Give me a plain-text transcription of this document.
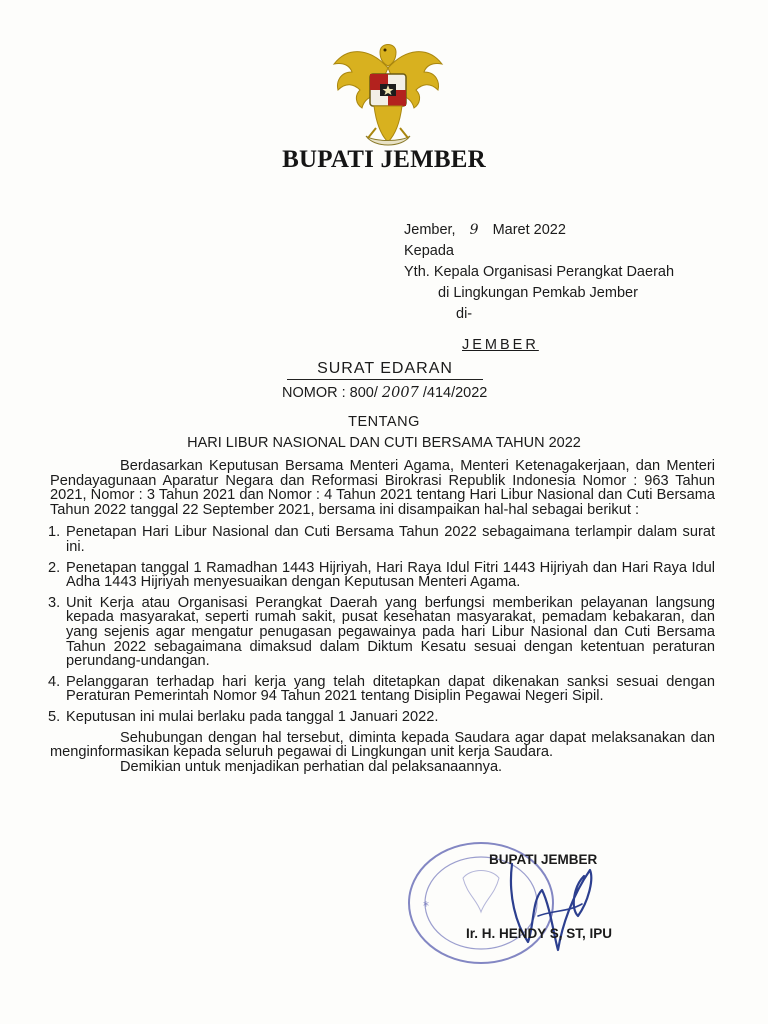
BUPATI JEMBER
Jember, 9 Maret 2022
Kepada
Yth. Kepala Organisasi Perangkat Daerah
di Lingkungan Pemkab Jember
di-
JEMBER
SURAT EDARAN
NOMOR : 800/ 2007 /414/2022
TENTANG
HARI LIBUR NASIONAL DAN CUTI BERSAMA TAHUN 2022

Berdasarkan Keputusan Bersama Menteri Agama, Menteri Ketenagakerjaan, dan Menteri Pendayagunaan Aparatur Negara dan Reformasi Birokrasi Republik Indonesia Nomor : 963 Tahun 2021, Nomor : 3 Tahun 2021 dan Nomor : 4 Tahun 2021 tentang Hari Libur Nasional dan Cuti Bersama Tahun 2022 tanggal 22 September 2021, bersama ini disampaikan hal-hal sebagai berikut :

1. Penetapan Hari Libur Nasional dan Cuti Bersama Tahun 2022 sebagaimana terlampir dalam surat ini.
2. Penetapan tanggal 1 Ramadhan 1443 Hijriyah, Hari Raya Idul Fitri 1443 Hijriyah dan Hari Raya Idul Adha 1443 Hijriyah menyesuaikan dengan Keputusan Menteri Agama.
3. Unit Kerja atau Organisasi Perangkat Daerah yang berfungsi memberikan pelayanan langsung kepada masyarakat, seperti rumah sakit, pusat kesehatan masyarakat, pemadam kebakaran, dan yang sejenis agar mengatur penugasan pegawainya pada hari Libur Nasional dan Cuti Bersama Tahun 2022 sebagaimana dimaksud dalam Diktum Kesatu sesuai dengan ketentuan peraturan perundang-undangan.
4. Pelanggaran terhadap hari kerja yang telah ditetapkan dapat dikenakan sanksi sesuai dengan Peraturan Pemerintah Nomor 94 Tahun 2021 tentang Disiplin Pegawai Negeri Sipil.
5. Keputusan ini mulai berlaku pada tanggal 1 Januari 2022.

Sehubungan dengan hal tersebut, diminta kepada Saudara agar dapat melaksanakan dan menginformasikan kepada seluruh pegawai di Lingkungan unit kerja Saudara.

Demikian untuk menjadikan perhatian dal pelaksanaannya.

*
BUPATI JEMBER
Ir. H. HENDY S, ST, IPU
